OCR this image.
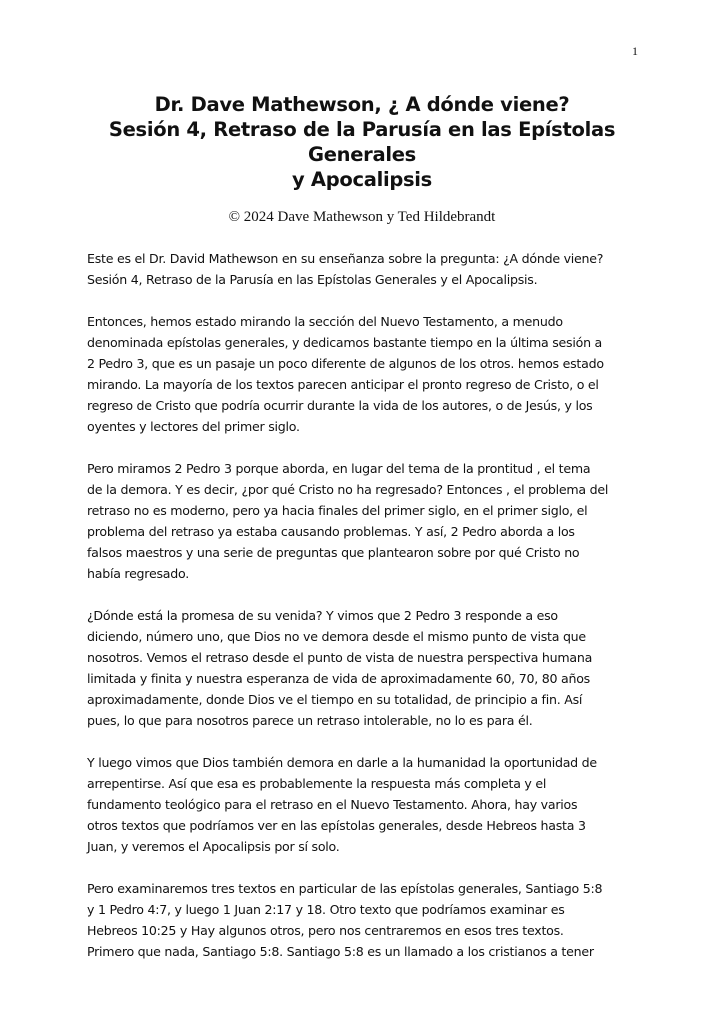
1
Dr. Dave Mathewson, ¿ A dónde viene?
Sesión 4, Retraso de la Parusía en las Epístolas
Generales
y Apocalipsis
© 2024 Dave Mathewson y Ted Hildebrandt

Este es el Dr. David Mathewson en su enseñanza sobre la pregunta: ¿A dónde viene?
Sesión 4, Retraso de la Parusía en las Epístolas Generales y el Apocalipsis.

Entonces, hemos estado mirando la sección del Nuevo Testamento, a menudo
denominada epístolas generales, y dedicamos bastante tiempo en la última sesión a
2 Pedro 3, que es un pasaje un poco diferente de algunos de los otros. hemos estado
mirando. La mayoría de los textos parecen anticipar el pronto regreso de Cristo, o el
regreso de Cristo que podría ocurrir durante la vida de los autores, o de Jesús, y los
oyentes y lectores del primer siglo.

Pero miramos 2 Pedro 3 porque aborda, en lugar del tema de la prontitud , el tema
de la demora. Y es decir, ¿por qué Cristo no ha regresado? Entonces , el problema del
retraso no es moderno, pero ya hacia finales del primer siglo, en el primer siglo, el
problema del retraso ya estaba causando problemas. Y así, 2 Pedro aborda a los
falsos maestros y una serie de preguntas que plantearon sobre por qué Cristo no
había regresado.

¿Dónde está la promesa de su venida? Y vimos que 2 Pedro 3 responde a eso
diciendo, número uno, que Dios no ve demora desde el mismo punto de vista que
nosotros. Vemos el retraso desde el punto de vista de nuestra perspectiva humana
limitada y finita y nuestra esperanza de vida de aproximadamente 60, 70, 80 años
aproximadamente, donde Dios ve el tiempo en su totalidad, de principio a fin. Así
pues, lo que para nosotros parece un retraso intolerable, no lo es para él.

Y luego vimos que Dios también demora en darle a la humanidad la oportunidad de
arrepentirse. Así que esa es probablemente la respuesta más completa y el
fundamento teológico para el retraso en el Nuevo Testamento. Ahora, hay varios
otros textos que podríamos ver en las epístolas generales, desde Hebreos hasta 3
Juan, y veremos el Apocalipsis por sí solo.

Pero examinaremos tres textos en particular de las epístolas generales, Santiago 5:8
y 1 Pedro 4:7, y luego 1 Juan 2:17 y 18. Otro texto que podríamos examinar es
Hebreos 10:25 y Hay algunos otros, pero nos centraremos en esos tres textos.
Primero que nada, Santiago 5:8. Santiago 5:8 es un llamado a los cristianos a tener
